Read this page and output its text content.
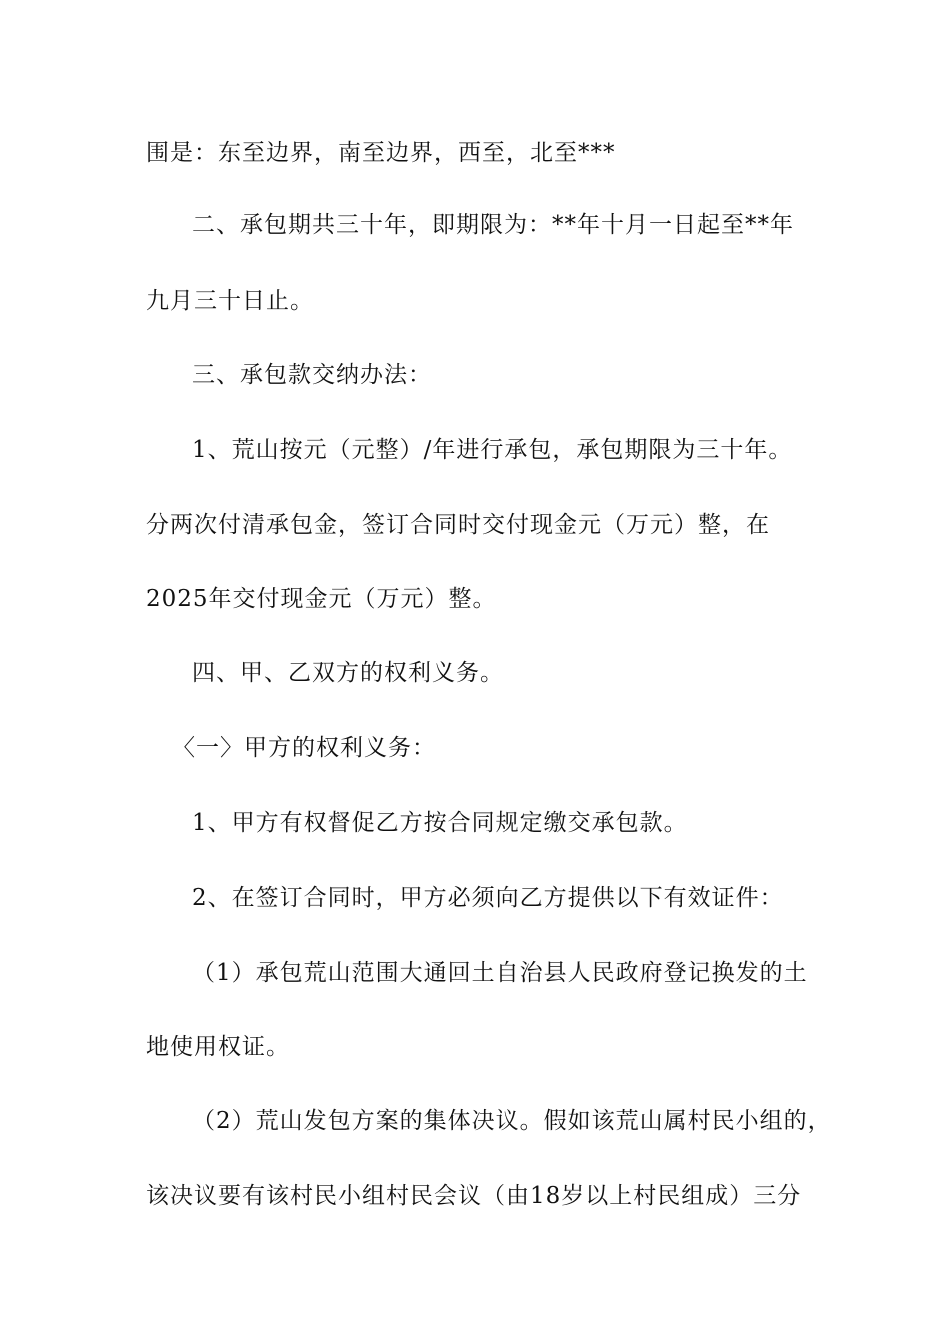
围是：东至边界，南至边界，西至，北至***
二、承包期共三十年，即期限为：**年十月一日起至**年
九月三十日止。
三、承包款交纳办法：
1、荒山按元（元整）/年进行承包，承包期限为三十年。
分两次付清承包金，签订合同时交付现金元（万元）整，在
2025年交付现金元（万元）整。
四、甲、乙双方的权利义务。
〈一〉甲方的权利义务：
1、甲方有权督促乙方按合同规定缴交承包款。
2、在签订合同时，甲方必须向乙方提供以下有效证件：
（1）承包荒山范围大通回土自治县人民政府登记换发的土
地使用权证。
（2）荒山发包方案的集体决议。假如该荒山属村民小组的，
该决议要有该村民小组村民会议（由18岁以上村民组成）三分
